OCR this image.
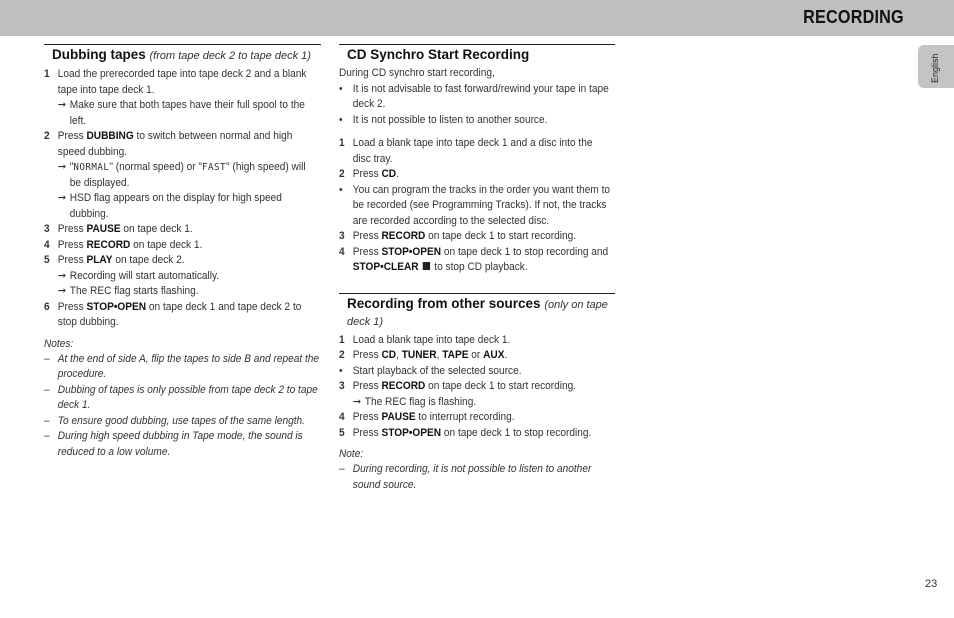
RECORDING
English
23
Dubbing tapes (from tape deck 2 to tape deck 1)
1 Load the prerecorded tape into tape deck 2 and a blank tape into tape deck 1.
➞ Make sure that both tapes have their full spool to the left.
2 Press DUBBING to switch between normal and high speed dubbing.
➞ "NORMAL" (normal speed) or "FAST" (high speed) will be displayed.
➞ HSD flag appears on the display for high speed dubbing.
3 Press PAUSE on tape deck 1.
4 Press RECORD on tape deck 1.
5 Press PLAY on tape deck 2.
➞ Recording will start automatically.
➞ The REC flag starts flashing.
6 Press STOP•OPEN on tape deck 1 and tape deck 2 to stop dubbing.
Notes:
– At the end of side A, flip the tapes to side B and repeat the procedure.
– Dubbing of tapes is only possible from tape deck 2 to tape deck 1.
– To ensure good dubbing, use tapes of the same length.
– During high speed dubbing in Tape mode, the sound is reduced to a low volume.
CD Synchro Start Recording
During CD synchro start recording,
• It is not advisable to fast forward/rewind your tape in tape deck 2.
• It is not possible to listen to another source.
1 Load a blank tape into tape deck 1 and a disc into the disc tray.
2 Press CD.
• You can program the tracks in the order you want them to be recorded (see Programming Tracks). If not, the tracks are recorded according to the selected disc.
3 Press RECORD on tape deck 1 to start recording.
4 Press STOP•OPEN on tape deck 1 to stop recording and STOP•CLEAR to stop CD playback.
Recording from other sources (only on tape deck 1)
1 Load a blank tape into tape deck 1.
2 Press CD, TUNER, TAPE or AUX.
• Start playback of the selected source.
3 Press RECORD on tape deck 1 to start recording.
➞ The REC flag is flashing.
4 Press PAUSE to interrupt recording.
5 Press STOP•OPEN on tape deck 1 to stop recording.
Note:
– During recording, it is not possible to listen to another sound source.
